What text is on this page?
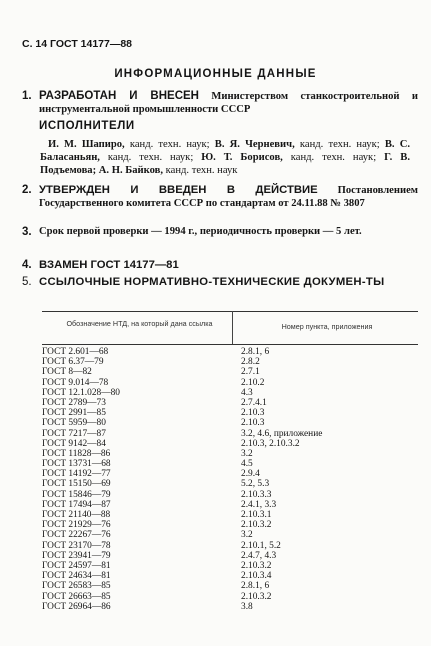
С. 14 ГОСТ 14177—88
ИНФОРМАЦИОННЫЕ ДАННЫЕ
1. РАЗРАБОТАН И ВНЕСЕН Министерством станкостроительной и инструментальной промышленности СССР
ИСПОЛНИТЕЛИ
И. М. Шапиро, канд. техн. наук; В. Я. Черневич, канд. техн. наук; В. С. Баласаньян, канд. техн. наук; Ю. Т. Борисов, канд. техн. наук; Г. В. Подъемова; А. Н. Байков, канд. техн. наук
2. УТВЕРЖДЕН И ВВЕДЕН В ДЕЙСТВИЕ Постановлением Государственного комитета СССР по стандартам от 24.11.88 № 3807
3. Срок первой проверки — 1994 г., периодичность проверки — 5 лет.
4. ВЗАМЕН ГОСТ 14177—81
5. ССЫЛОЧНЫЕ НОРМАТИВНО-ТЕХНИЧЕСКИЕ ДОКУМЕН-ТЫ
Обозначение НТД, на который дана ссылка	Номер пункта, приложения
ГОСТ 2.601—68	2.8.1, 6
ГОСТ 6.37—79	2.8.2
ГОСТ 8—82	2.7.1
ГОСТ 9.014—78	2.10.2
ГОСТ 12.1.028—80	4.3
ГОСТ 2789—73	2.7.4.1
ГОСТ 2991—85	2.10.3
ГОСТ 5959—80	2.10.3
ГОСТ 7217—87	3.2, 4.6, приложение
ГОСТ 9142—84	2.10.3, 2.10.3.2
ГОСТ 11828—86	3.2
ГОСТ 13731—68	4.5
ГОСТ 14192—77	2.9.4
ГОСТ 15150—69	5.2, 5.3
ГОСТ 15846—79	2.10.3.3
ГОСТ 17494—87	2.4.1, 3.3
ГОСТ 21140—88	2.10.3.1
ГОСТ 21929—76	2.10.3.2
ГОСТ 22267—76	3.2
ГОСТ 23170—78	2.10.1, 5.2
ГОСТ 23941—79	2.4.7, 4.3
ГОСТ 24597—81	2.10.3.2
ГОСТ 24634—81	2.10.3.4
ГОСТ 26583—85	2.8.1, 6
ГОСТ 26663—85	2.10.3.2
ГОСТ 26964—86	3.8
